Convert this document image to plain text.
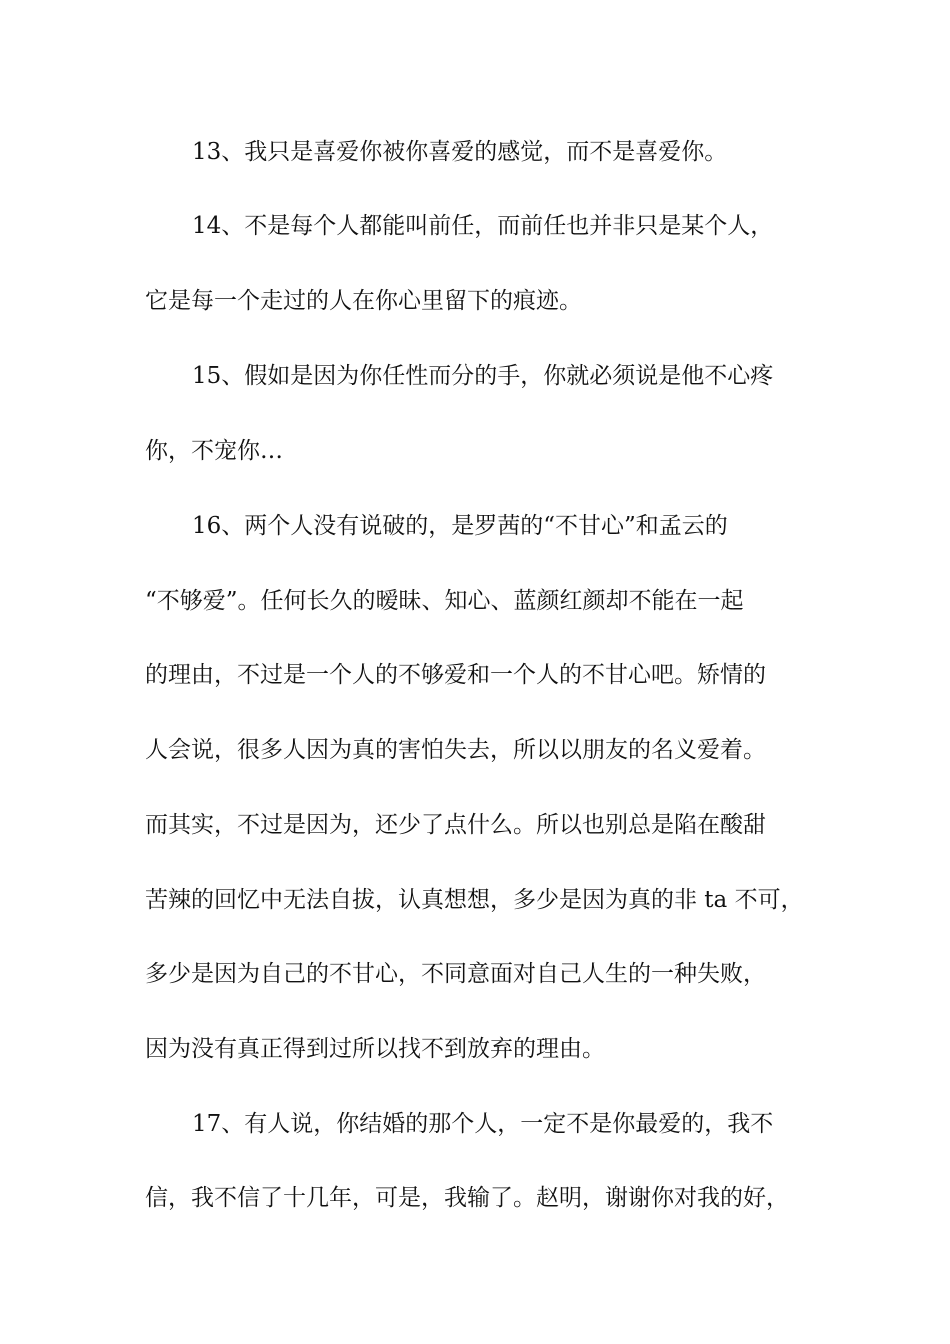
13、我只是喜爱你被你喜爱的感觉，而不是喜爱你。
14、不是每个人都能叫前任，而前任也并非只是某个人，
它是每一个走过的人在你心里留下的痕迹。
15、假如是因为你任性而分的手，你就必须说是他不心疼
你，不宠你…
16、两个人没有说破的，是罗茜的“不甘心”和孟云的
“不够爱”。任何长久的暧昧、知心、蓝颜红颜却不能在一起
的理由，不过是一个人的不够爱和一个人的不甘心吧。矫情的
人会说，很多人因为真的害怕失去，所以以朋友的名义爱着。
而其实，不过是因为，还少了点什么。所以也别总是陷在酸甜
苦辣的回忆中无法自拔，认真想想，多少是因为真的非 ta 不可，
多少是因为自己的不甘心，不同意面对自己人生的一种失败，
因为没有真正得到过所以找不到放弃的理由。
17、有人说，你结婚的那个人，一定不是你最爱的，我不
信，我不信了十几年，可是，我输了。赵明，谢谢你对我的好，
